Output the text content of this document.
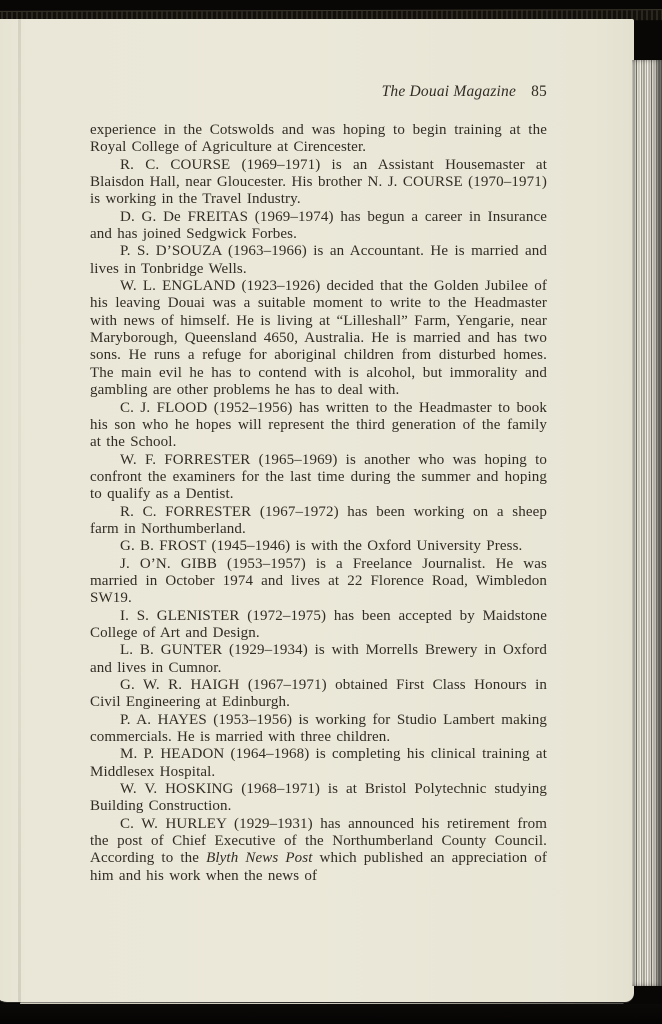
The Douai Magazine 85

experience in the Cotswolds and was hoping to begin training at the Royal College of Agriculture at Cirencester.

R. C. COURSE (1969–1971) is an Assistant Housemaster at Blaisdon Hall, near Gloucester. His brother N. J. COURSE (1970–1971) is working in the Travel Industry.

D. G. De FREITAS (1969–1974) has begun a career in Insurance and has joined Sedgwick Forbes.

P. S. D’SOUZA (1963–1966) is an Accountant. He is married and lives in Tonbridge Wells.

W. L. ENGLAND (1923–1926) decided that the Golden Jubilee of his leaving Douai was a suitable moment to write to the Headmaster with news of himself. He is living at “Lilleshall” Farm, Yengarie, near Maryborough, Queensland 4650, Australia. He is married and has two sons. He runs a refuge for aboriginal children from disturbed homes. The main evil he has to contend with is alcohol, but immorality and gambling are other problems he has to deal with.

C. J. FLOOD (1952–1956) has written to the Headmaster to book his son who he hopes will represent the third generation of the family at the School.

W. F. FORRESTER (1965–1969) is another who was hoping to confront the examiners for the last time during the summer and hoping to qualify as a Dentist.

R. C. FORRESTER (1967–1972) has been working on a sheep farm in Northumberland.

G. B. FROST (1945–1946) is with the Oxford University Press.

J. O’N. GIBB (1953–1957) is a Freelance Journalist. He was married in October 1974 and lives at 22 Florence Road, Wimbledon SW19.

I. S. GLENISTER (1972–1975) has been accepted by Maidstone College of Art and Design.

L. B. GUNTER (1929–1934) is with Morrells Brewery in Oxford and lives in Cumnor.

G. W. R. HAIGH (1967–1971) obtained First Class Honours in Civil Engineering at Edinburgh.

P. A. HAYES (1953–1956) is working for Studio Lambert making commercials. He is married with three children.

M. P. HEADON (1964–1968) is completing his clinical training at Middlesex Hospital.

W. V. HOSKING (1968–1971) is at Bristol Polytechnic studying Building Construction.

C. W. HURLEY (1929–1931) has announced his retirement from the post of Chief Executive of the Northumberland County Council. According to the Blyth News Post which published an appreciation of him and his work when the news of
